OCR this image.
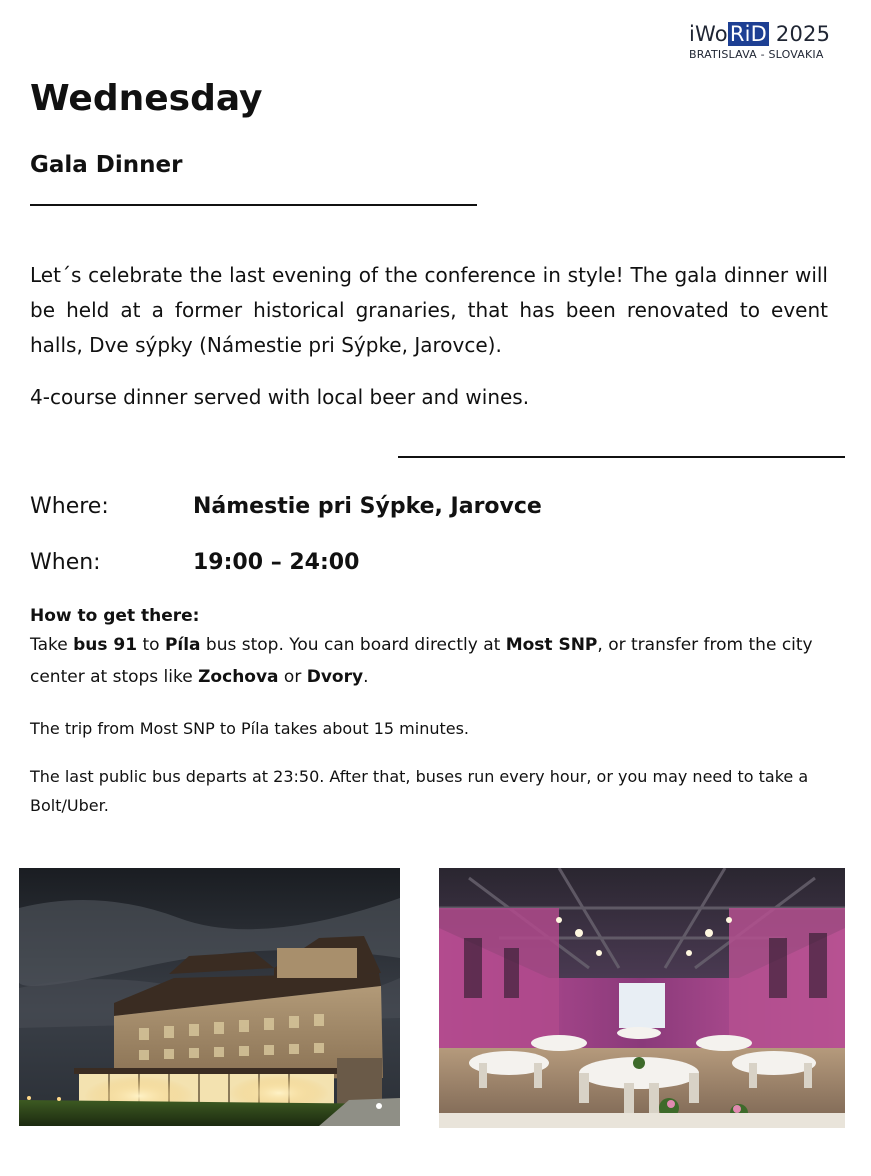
iWoRiD 2025
BRATISLAVA - SLOVAKIA
Wednesday
Gala Dinner
Let´s celebrate the last evening of the conference in style! The gala dinner will be held at a former historical granaries, that has been renovated to event halls, Dve sýpky (Námestie pri Sýpke, Jarovce).
4-course dinner served with local beer and wines.
Where:	Námestie pri Sýpke, Jarovce
When:	19:00 – 24:00

How to get there:

Take bus 91 to Píla bus stop. You can board directly at Most SNP, or transfer from the city center at stops like Zochova or Dvory.

The trip from Most SNP to Píla takes about 15 minutes.
The last public bus departs at 23:50. After that, buses run every hour, or you may need to take a Bolt/Uber.
